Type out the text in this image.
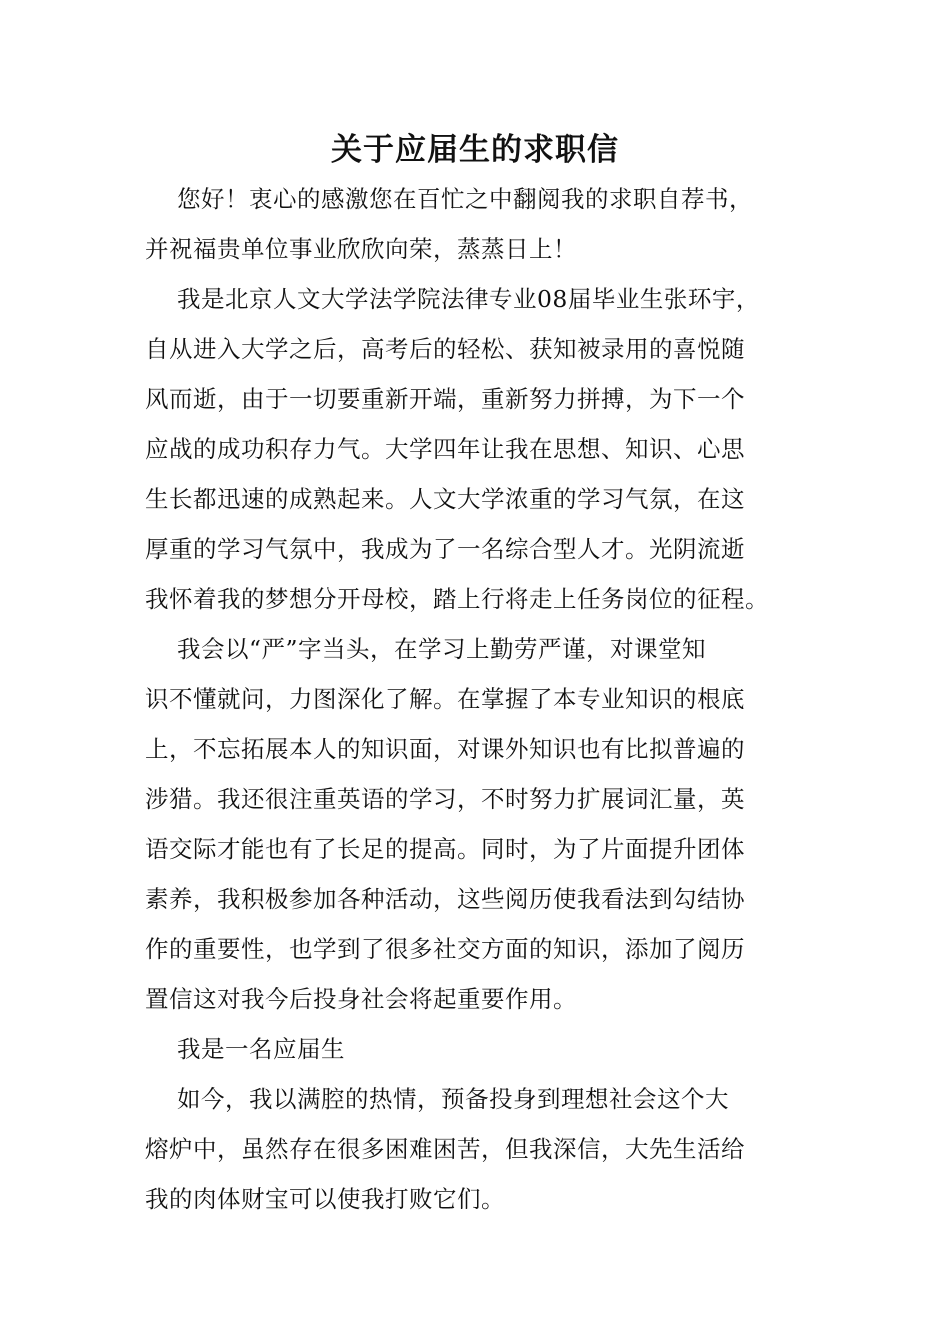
关于应届生的求职信
　 您好！衷心的感激您在百忙之中翻阅我的求职自荐书，
并祝福贵单位事业欣欣向荣，蒸蒸日上！
　 我是北京人文大学法学院法律专业08届毕业生张环宇，
自从进入大学之后，高考后的轻松、获知被录用的喜悦随
风而逝，由于一切要重新开端，重新努力拼搏，为下一个
应战的成功积存力气。大学四年让我在思想、知识、心思
生长都迅速的成熟起来。人文大学浓重的学习气氛，在这
厚重的学习气氛中，我成为了一名综合型人才。光阴流逝
我怀着我的梦想分开母校，踏上行将走上任务岗位的征程。
　 我会以“严”字当头，在学习上勤劳严谨，对课堂知
识不懂就问，力图深化了解。在掌握了本专业知识的根底
上，不忘拓展本人的知识面，对课外知识也有比拟普遍的
涉猎。我还很注重英语的学习，不时努力扩展词汇量，英
语交际才能也有了长足的提高。同时，为了片面提升团体
素养，我积极参加各种活动，这些阅历使我看法到勾结协
作的重要性，也学到了很多社交方面的知识，添加了阅历
置信这对我今后投身社会将起重要作用。
　 我是一名应届生
　 如今，我以满腔的热情，预备投身到理想社会这个大
熔炉中，虽然存在很多困难困苦，但我深信，大先生活给
我的肉体财宝可以使我打败它们。
